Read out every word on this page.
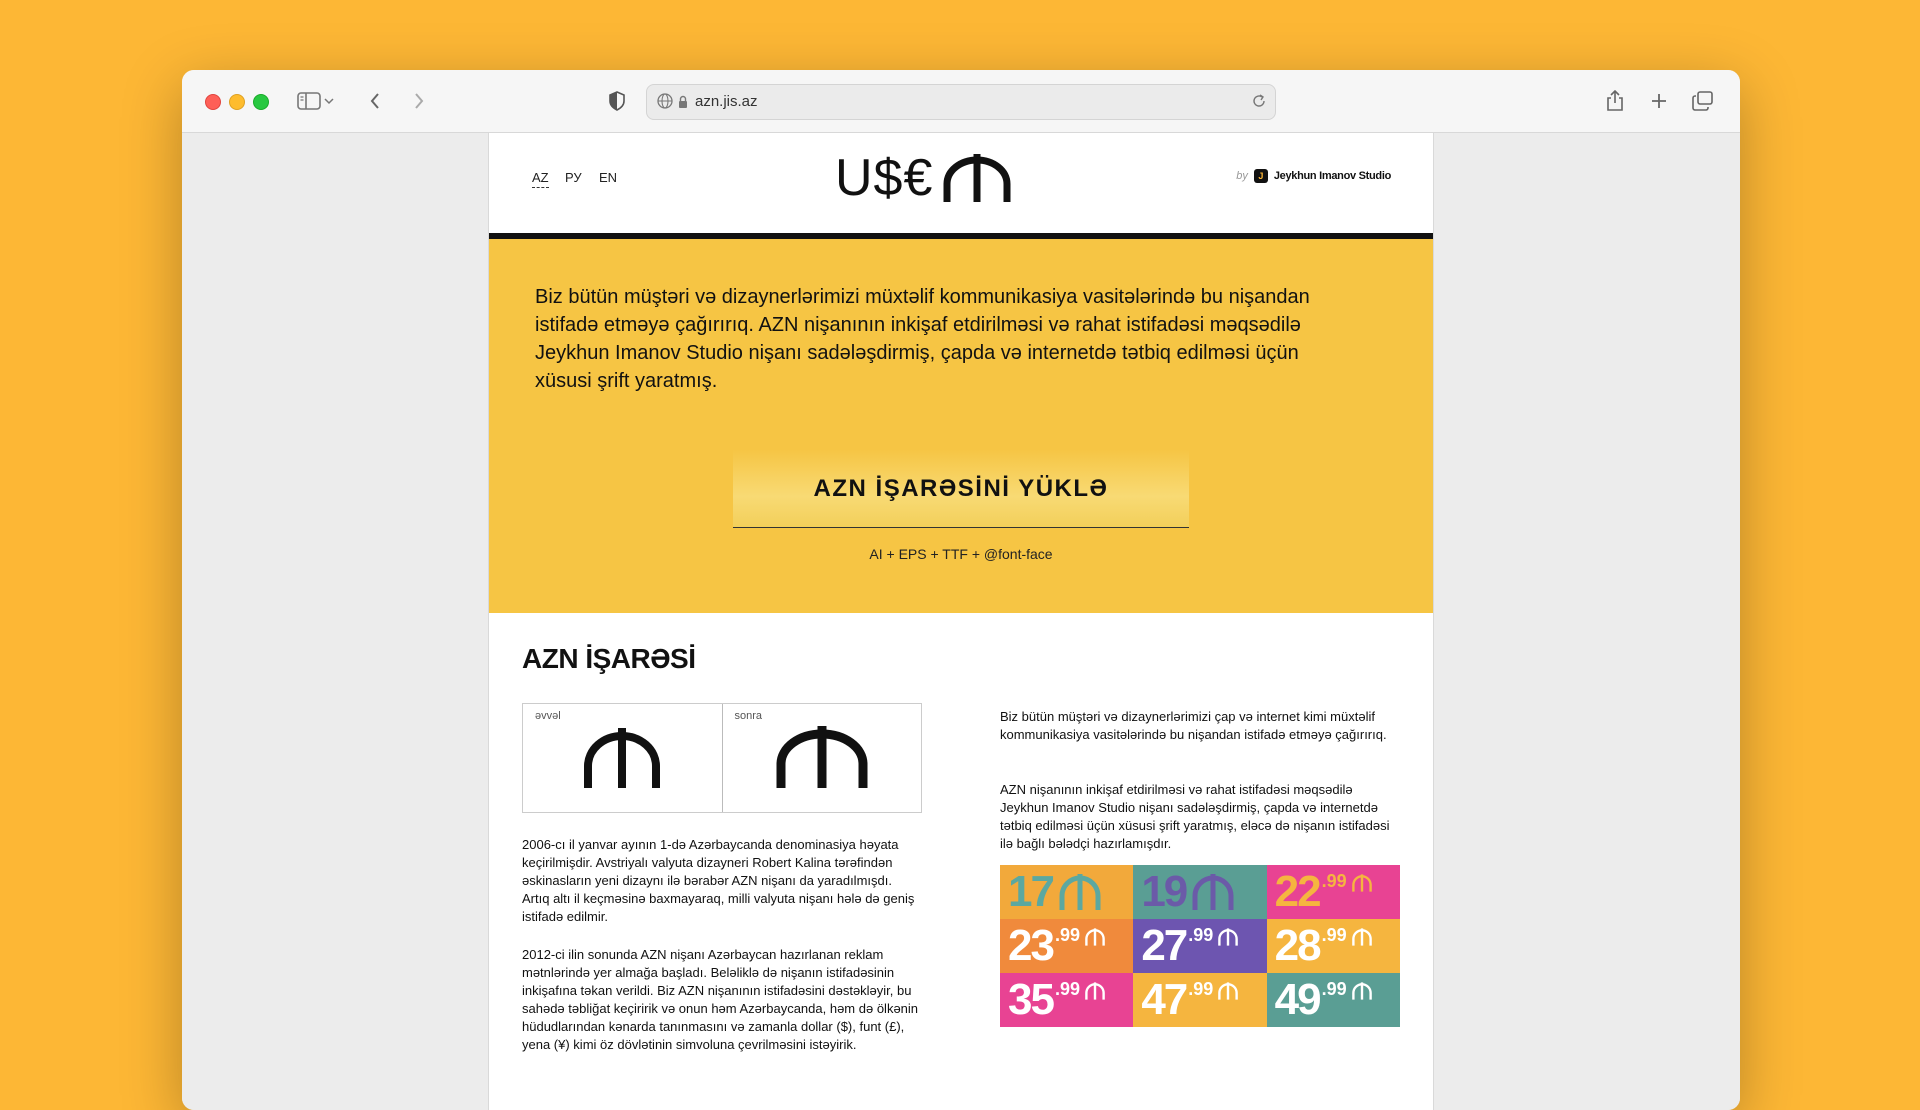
azn.jis.az
AZ РУ EN	U$€	by	J Jeykhun Imanov Studio
Biz bütün müştəri və dizaynerlərimizi müxtəlif kommunikasiya vasitələrində bu nişandan istifadə etməyə çağırırıq. AZN nişanının inkişaf etdirilməsi və rahat istifadəsi məqsədilə Jeykhun Imanov Studio nişanı sadələşdirmiş, çapda və internetdə tətbiq edilməsi üçün xüsusi şrift yaratmış.
AZN İŞARƏSİNİ YÜKLƏ
AI + EPS + TTF + @font-face
AZN İŞARƏSİ
əvvəl	sonra
2006-cı il yanvar ayının 1-də Azərbaycanda denominasiya həyata keçirilmişdir. Avstriyalı valyuta dizayneri Robert Kalina tərəfindən əskinasların yeni dizaynı ilə bərabər AZN nişanı da yaradılmışdı. Artıq altı il keçməsinə baxmayaraq, milli valyuta nişanı hələ də geniş istifadə edilmir.
2012-ci ilin sonunda AZN nişanı Azərbaycan hazırlanan reklam mətnlərində yer almağa başladı. Beləliklə də nişanın istifadəsinin inkişafına təkan verildi. Biz AZN nişanının istifadəsini dəstəkləyir, bu sahədə təbliğat keçiririk və onun həm Azərbaycanda, həm də ölkənin hüdudlarından kənarda tanınmasını və zamanla dollar ($), funt (£), yena (¥) kimi öz dövlətinin simvoluna çevrilməsini istəyirik.
Biz bütün müştəri və dizaynerlərimizi çap və internet kimi müxtəlif kommunikasiya vasitələrində bu nişandan istifadə etməyə çağırırıq.
AZN nişanının inkişaf etdirilməsi və rahat istifadəsi məqsədilə Jeykhun Imanov Studio nişanı sadələşdirmiş, çapda və internetdə tətbiq edilməsi üçün xüsusi şrift yaratmış, eləcə də nişanın istifadəsi ilə bağlı bələdçi hazırlamışdır.
17 19 22 .99
23 .99 27 .99 28 .99
35 .99 47 .99 49 .99
